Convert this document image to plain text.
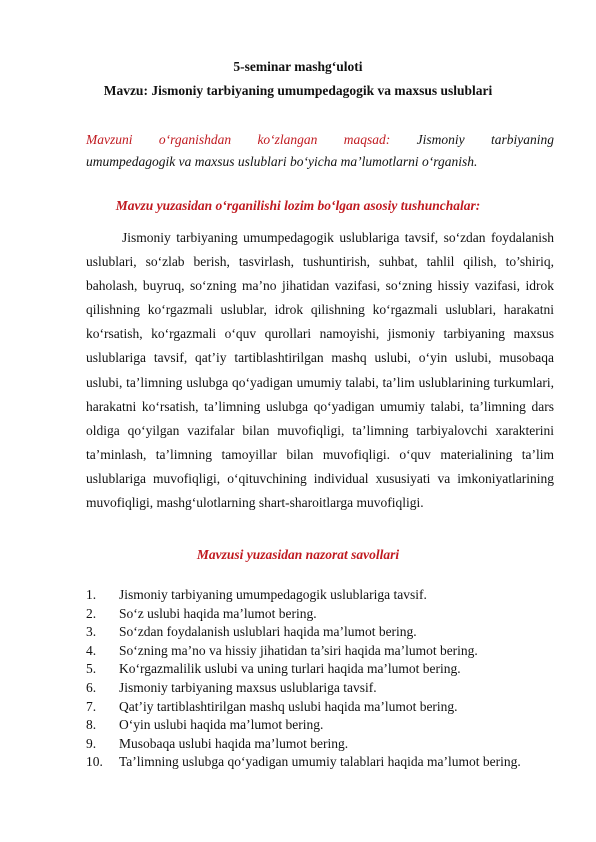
5-seminar mashg‘uloti
Mavzu: Jismoniy tarbiyaning umumpedagogik va maxsus uslublari
Mavzuni o‘rganishdan ko‘zlangan maqsad: Jismoniy tarbiyaning
umumpedagogik va maxsus uslublari bo‘yicha ma’lumotlarni o‘rganish.
Mavzu yuzasidan o‘rganilishi lozim bo‘lgan asosiy tushunchalar:

Jismoniy tarbiyaning umumpedagogik uslublariga tavsif, so‘zdan foydalanish uslublari, so‘zlab berish, tasvirlash, tushuntirish, suhbat, tahlil qilish, to’shiriq, baholash, buyruq, so‘zning ma’no jihatidan vazifasi, so‘zning hissiy vazifasi, idrok qilishning ko‘rgazmali uslublar, idrok qilishning ko‘rgazmali uslublari, harakatni ko‘rsatish, ko‘rgazmali o‘quv qurollari namoyishi, jismoniy tarbiyaning maxsus uslublariga tavsif, qat’iy tartiblashtirilgan mashq uslubi, o‘yin uslubi, musobaqa uslubi, ta’limning uslubga qo‘yadigan umumiy talabi, ta’lim uslublarining turkumlari, harakatni ko‘rsatish, ta’limning uslubga qo‘yadigan umumiy talabi, ta’limning dars oldiga qo‘yilgan vazifalar bilan muvofiqligi, ta’limning tarbiyalovchi xarakterini ta’minlash, ta’limning tamoyillar bilan muvofiqligi. o‘quv materialining ta’lim uslublariga muvofiqligi, o‘qituvchining individual xususiyati va imkoniyatlarining muvofiqligi, mashg‘ulotlarning shart-sharoitlarga muvofiqligi.

Mavzusi yuzasidan nazorat savollari
1. Jismoniy tarbiyaning umumpedagogik uslublariga tavsif.
2. So‘z uslubi haqida ma’lumot bering.
3. So‘zdan foydalanish uslublari haqida ma’lumot bering.
4. So‘zning ma’no va hissiy jihatidan ta’siri haqida ma’lumot bering.
5. Ko‘rgazmalilik uslubi va uning turlari haqida ma’lumot bering.
6. Jismoniy tarbiyaning maxsus uslublariga tavsif.
7. Qat’iy tartiblashtirilgan mashq uslubi haqida ma’lumot bering.
8. O‘yin uslubi haqida ma’lumot bering.
9. Musobaqa uslubi haqida ma’lumot bering.
10. Ta’limning uslubga qo‘yadigan umumiy talablari haqida ma’lumot bering.
